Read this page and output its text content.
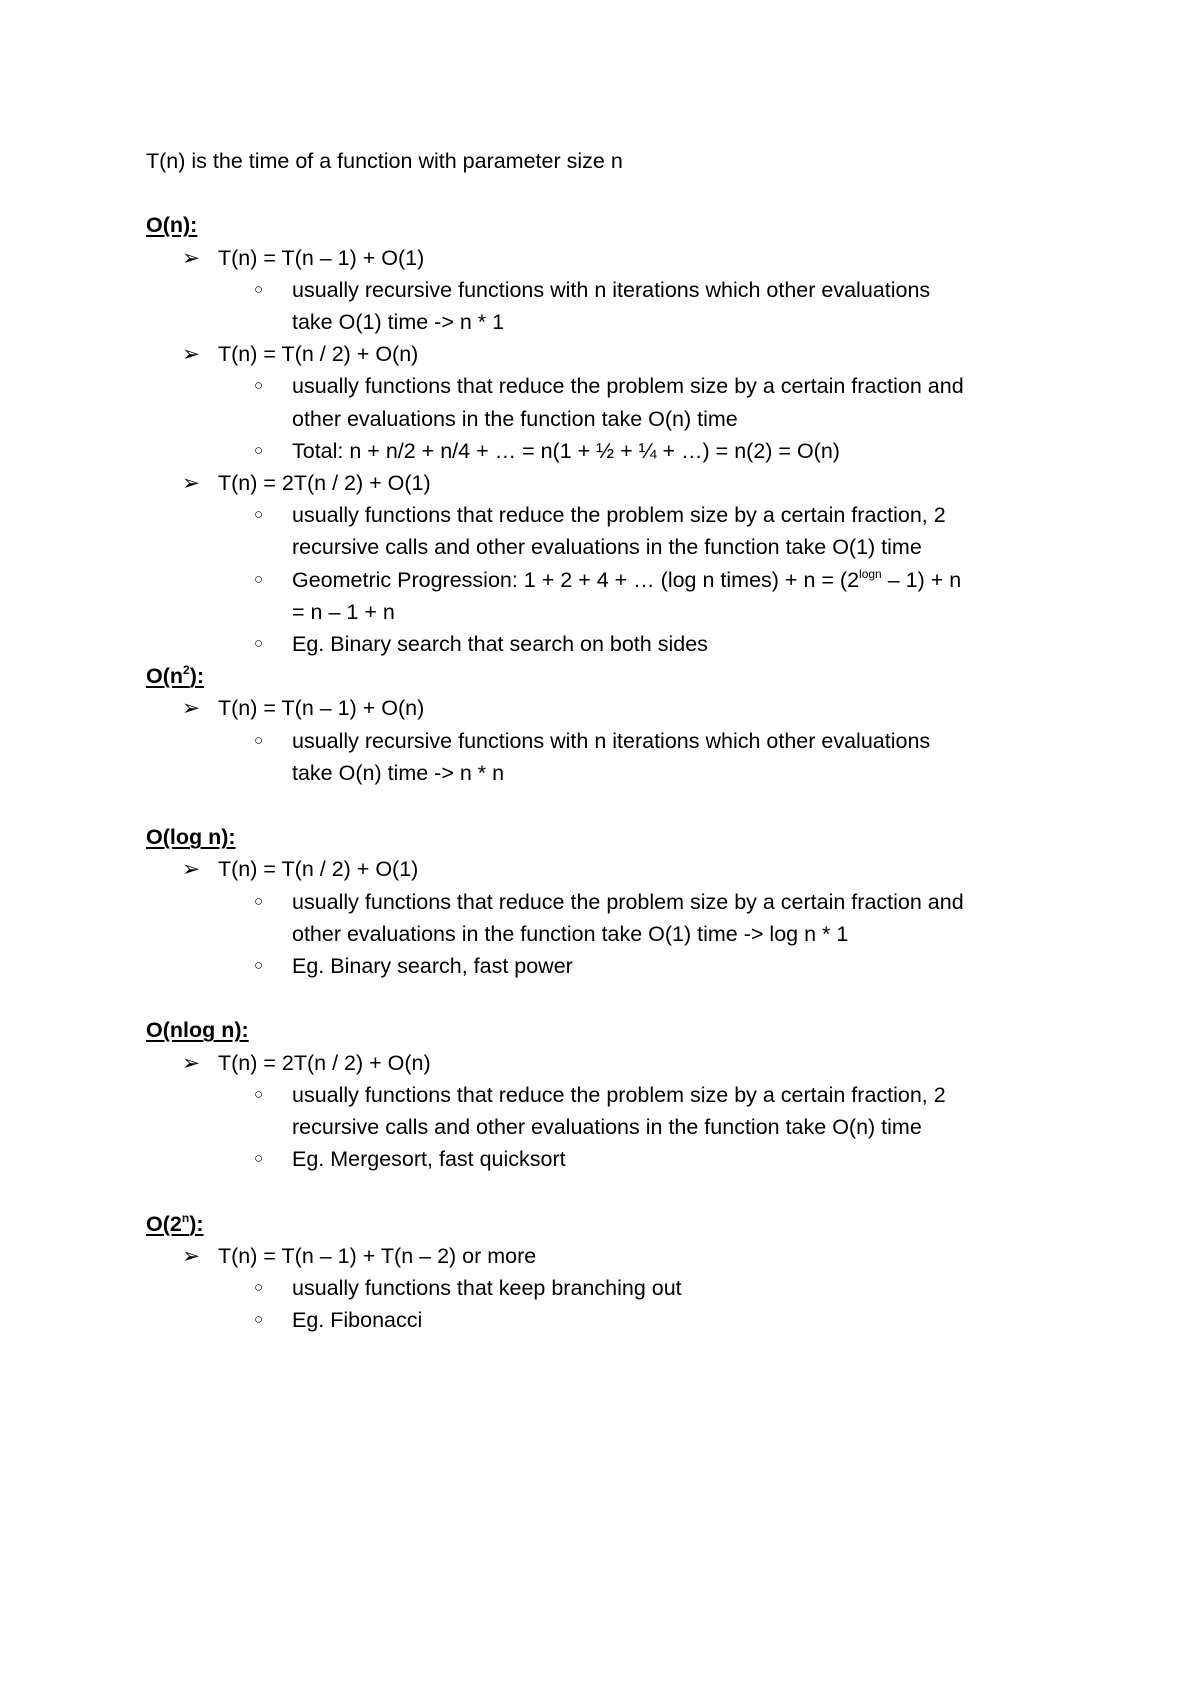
T(n) is the time of a function with parameter size n
O(n):
➢ T(n) = T(n – 1) + O(1)
○ usually recursive functions with n iterations which other evaluations
take O(1) time -> n * 1
➢ T(n) = T(n / 2) + O(n)
○ usually functions that reduce the problem size by a certain fraction and
other evaluations in the function take O(n) time
○ Total: n + n/2 + n/4 + … = n(1 + ½ + ¼ + …) = n(2) = O(n)
➢ T(n) = 2T(n / 2) + O(1)
○ usually functions that reduce the problem size by a certain fraction, 2
recursive calls and other evaluations in the function take O(1) time
○ Geometric Progression: 1 + 2 + 4 + … (log n times) + $n = (2^{logn} - 1) + n$
= n – 1 + n
○ Eg. Binary search that search on both sides
$O(n^2)$:
➢ T(n) = T(n – 1) + O(n)
○ usually recursive functions with n iterations which other evaluations
take O(n) time -> n * n
O(log n):
➢ T(n) = T(n / 2) + O(1)
○ usually functions that reduce the problem size by a certain fraction and
other evaluations in the function take O(1) time -> log n * 1
○ Eg. Binary search, fast power
O(nlog n):
➢ T(n) = 2T(n / 2) + O(n)
○ usually functions that reduce the problem size by a certain fraction, 2
recursive calls and other evaluations in the function take O(n) time
○ Eg. Mergesort, fast quicksort
O(2$^n$):
➢ T(n) = T(n – 1) + T(n – 2) or more
○ usually functions that keep branching out
○ Eg. Fibonacci
